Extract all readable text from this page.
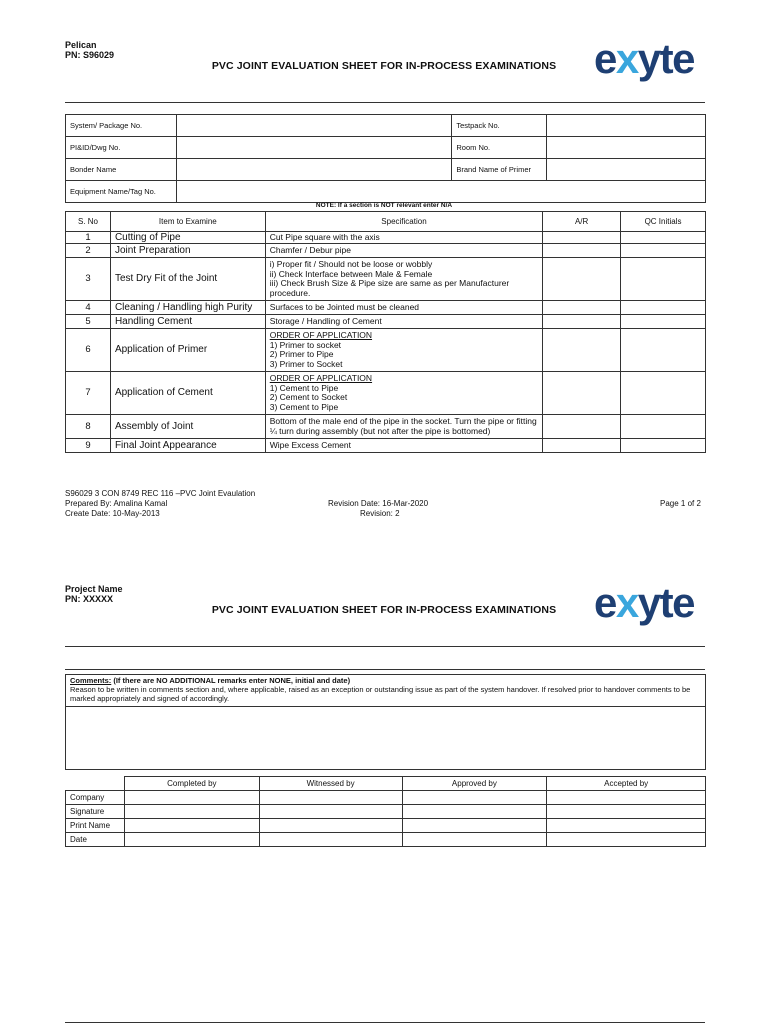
Pelican
PN: S96029
PVC JOINT EVALUATION SHEET FOR IN-PROCESS EXAMINATIONS exyte
System/ Package No.		Testpack No.	
PI&ID/Dwg No.		Room No.	
Bonder Name		Brand Name of Primer	
Equipment Name/Tag No.			
NOTE: If a section is NOT relevant enter N/A
S. No	Item to Examine	Specification	A/R	QC Initials
1	Cutting of Pipe	Cut Pipe square with the axis		

2	Joint Preparation	Chamfer / Debur pipe		

3	Test Dry Fit of the Joint	i) Proper fit / Should not be loose or wobbly
ii) Check Interface between Male & Female
iii) Check Brush Size & Pipe size are same as per Manufacturer procedure.		

4	Cleaning / Handling high Purity	Surfaces to be Jointed must be cleaned		

5	Handling Cement	Storage / Handling of Cement		

6	Application of Primer	ORDER OF APPLICATION
1) Primer to socket
2) Primer to Pipe
3) Primer to Socket		

7	Application of Cement	ORDER OF APPLICATION
1) Cement to Pipe
2) Cement to Socket
3) Cement to Pipe		

8	Assembly of Joint	Bottom of the male end of the pipe in the socket. Turn the pipe or fitting ¼ turn during assembly (but not after the pipe is bottomed)		

9	Final Joint Appearance	Wipe Excess Cement		

S96029 3 CON 8749 REC 116 –PVC Joint Evaulation
Prepared By: Amalina Kamal
Create Date: 10-May-2013
Revision Date: 16-Mar-2020
Revision: 2
Page 1 of 2
Project Name
PN: XXXXX
PVC JOINT EVALUATION SHEET FOR IN-PROCESS EXAMINATIONS exyte
Comments: (If there are NO ADDITIONAL remarks enter NONE, initial and date)
Reason to be written in comments section and, where applicable, raised as an exception or outstanding issue as part of the system handover. If resolved prior to handover comments to be marked appropriately and signed of accordingly.
	Completed by	Witnessed by	Approved by	Accepted by
Company				
Signature				
Print Name				
Date				
